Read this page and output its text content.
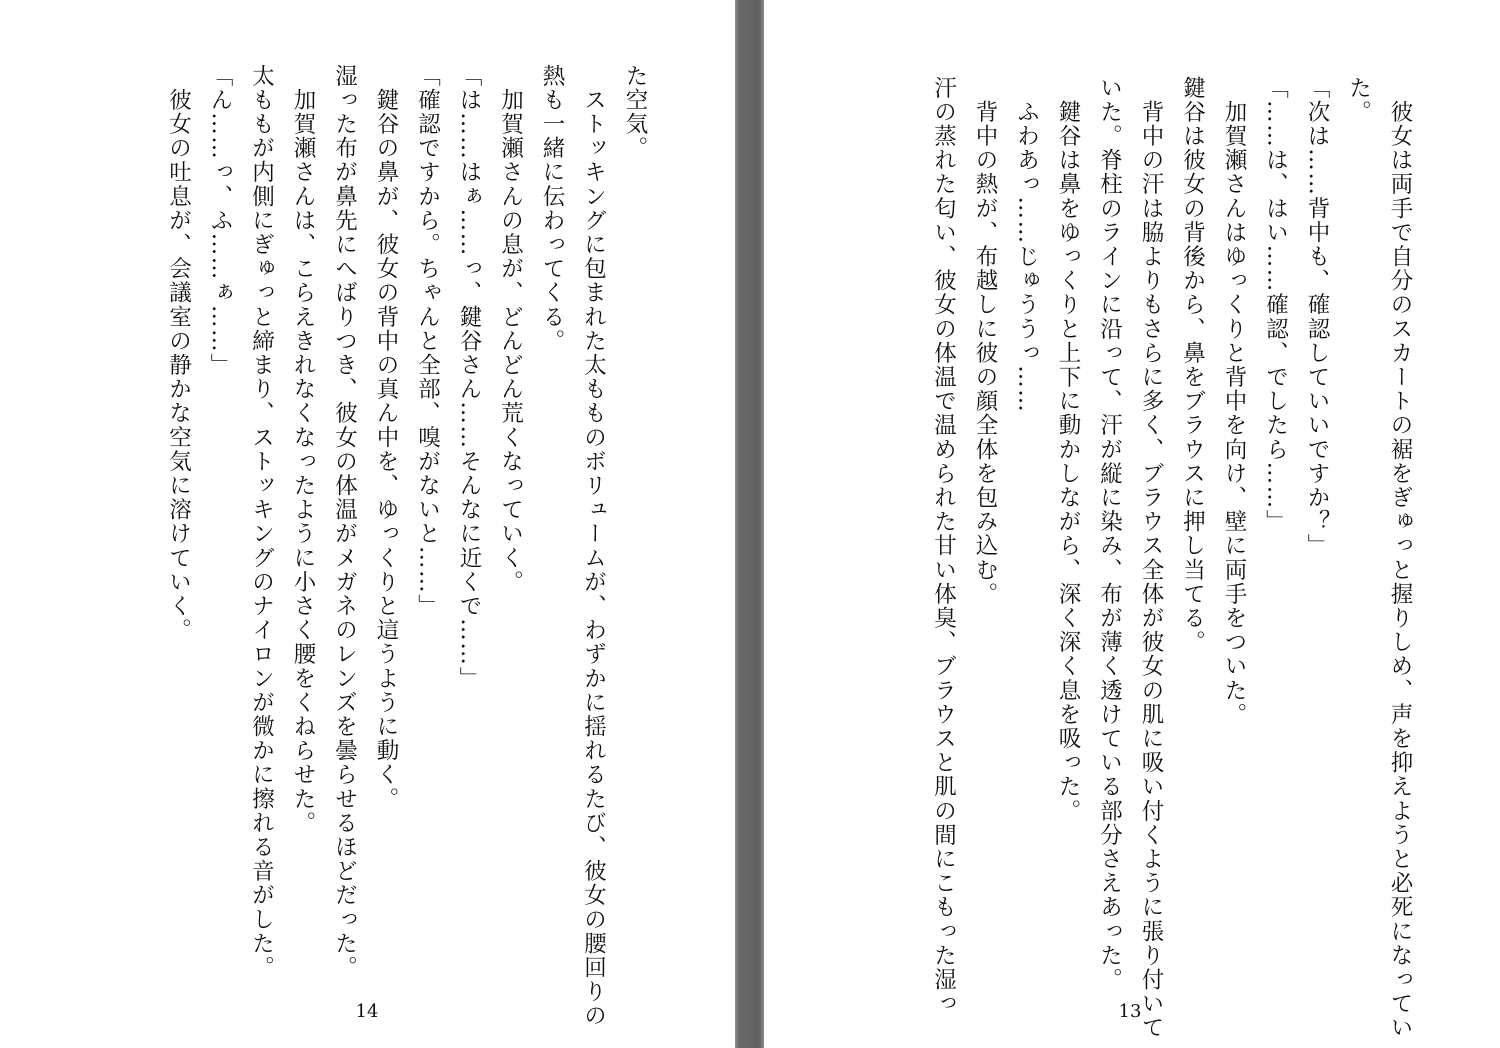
た空気。
　ストッキングに包まれた太もものボリュームが、わずかに揺れるたび、彼女の腰回りの
熱も一緒に伝わってくる。
　加賀瀬さんの息が、どんどん荒くなっていく。
「は……はぁ……っ、鍵谷さん……そんなに近くで……」
「確認ですから。ちゃんと全部、嗅がないと……」
　鍵谷の鼻が、彼女の背中の真ん中を、ゆっくりと這うように動く。
湿った布が鼻先にへばりつき、彼女の体温がメガネのレンズを曇らせるほどだった。
　加賀瀬さんは、こらえきれなくなったように小さく腰をくねらせた。
太ももが内側にぎゅっと締まり、ストッキングのナイロンが微かに擦れる音がした。
「ん……っ、ふ……ぁ……」
　彼女の吐息が、会議室の静かな空気に溶けていく。
14	　彼女は両手で自分のスカートの裾をぎゅっと握りしめ、声を抑えようと必死になってい
た。
「次は……背中も、確認していいですか？」
「……は、はい……確認、でしたら……」
　加賀瀬さんはゆっくりと背中を向け、壁に両手をついた。
鍵谷は彼女の背後から、鼻をブラウスに押し当てる。
　背中の汗は脇よりもさらに多く、ブラウス全体が彼女の肌に吸い付くように張り付いて
いた。脊柱のラインに沿って、汗が縦に染み、布が薄く透けている部分さえあった。
　鍵谷は鼻をゆっくりと上下に動かしながら、深く深く息を吸った。
　ふわあっ……じゅううっ……
　背中の熱が、布越しに彼の顔全体を包み込む。
汗の蒸れた匂い、彼女の体温で温められた甘い体臭、ブラウスと肌の間にこもった湿っ	13
